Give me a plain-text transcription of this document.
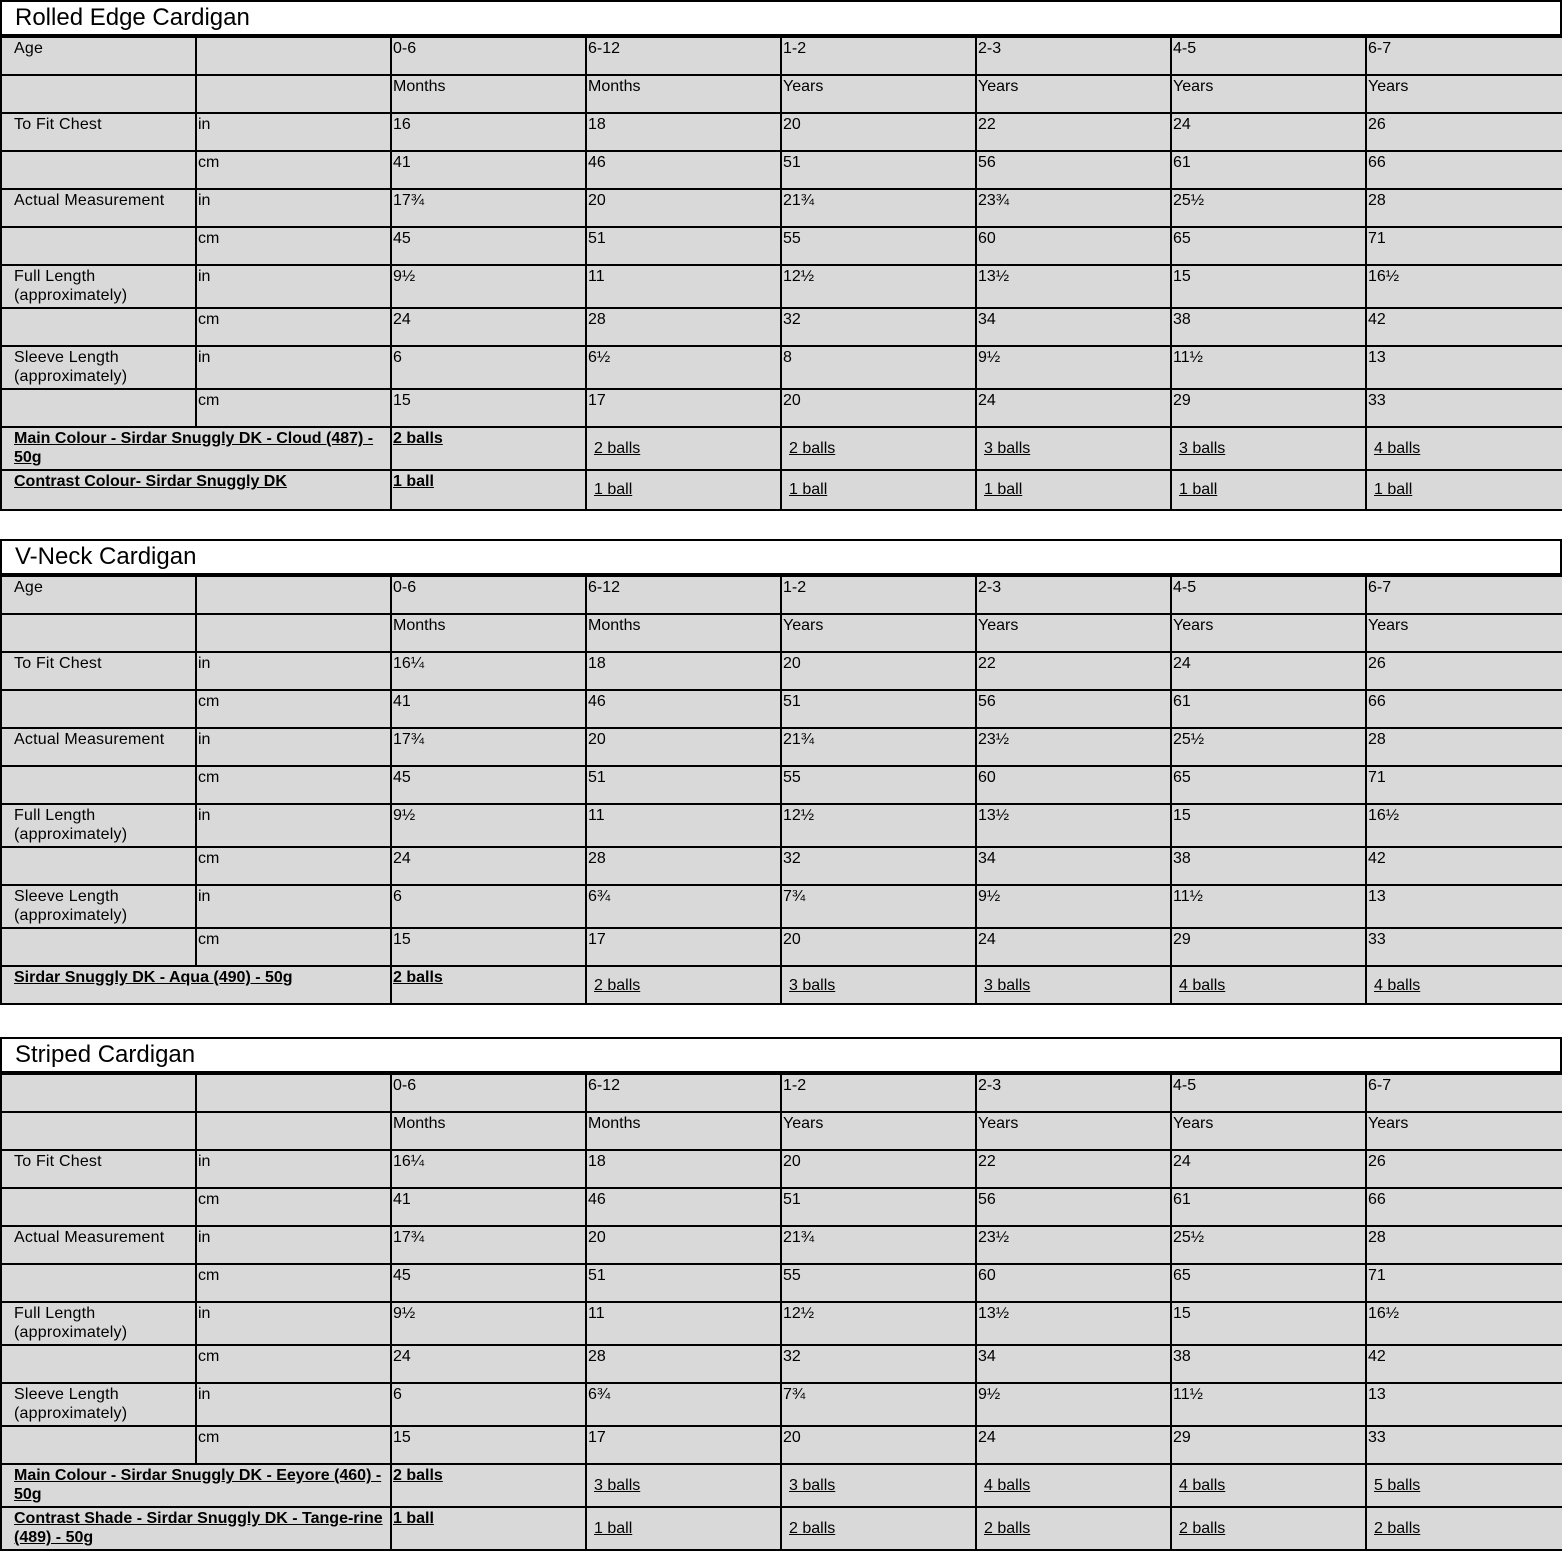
Rolled Edge Cardigan
Age		0-6	6-12	1-2	2-3	4-5	6-7
		Months	Months	Years	Years	Years	Years
To Fit Chest	in	16	18	20	22	24	26
	cm	41	46	51	56	61	66
Actual Measurement	in	17¾	20	21¾	23¾	25½	28
	cm	45	51	55	60	65	71
Full Length (approximately)	in	9½	11	12½	13½	15	16½
	cm	24	28	32	34	38	42
Sleeve Length (approximately)	in	6	6½	8	9½	11½	13
	cm	15	17	20	24	29	33
Main Colour - Sirdar Snuggly DK - Cloud (487) - 50g		2 balls	2 balls	2 balls	3 balls	3 balls	4 balls
Contrast Colour- Sirdar Snuggly DK		1 ball	1 ball	1 ball	1 ball	1 ball	1 ball
V-Neck Cardigan
Age		0-6	6-12	1-2	2-3	4-5	6-7
		Months	Months	Years	Years	Years	Years
To Fit Chest	in	16¼	18	20	22	24	26
	cm	41	46	51	56	61	66
Actual Measurement	in	17¾	20	21¾	23½	25½	28
	cm	45	51	55	60	65	71
Full Length (approximately)	in	9½	11	12½	13½	15	16½
	cm	24	28	32	34	38	42
Sleeve Length (approximately)	in	6	6¾	7¾	9½	11½	13
	cm	15	17	20	24	29	33
Sirdar Snuggly DK - Aqua (490) - 50g		2 balls	2 balls	3 balls	3 balls	4 balls	4 balls
Striped Cardigan
		0-6	6-12	1-2	2-3	4-5	6-7
		Months	Months	Years	Years	Years	Years
To Fit Chest	in	16¼	18	20	22	24	26
	cm	41	46	51	56	61	66
Actual Measurement	in	17¾	20	21¾	23½	25½	28
	cm	45	51	55	60	65	71
Full Length (approximately)	in	9½	11	12½	13½	15	16½
	cm	24	28	32	34	38	42
Sleeve Length (approximately)	in	6	6¾	7¾	9½	11½	13
	cm	15	17	20	24	29	33
Main Colour - Sirdar Snuggly DK - Eeyore (460) - 50g		2 balls	3 balls	3 balls	4 balls	4 balls	5 balls
Contrast Shade - Sirdar Snuggly DK - Tange-rine (489) - 50g		1 ball	1 ball	2 balls	2 balls	2 balls	2 balls
